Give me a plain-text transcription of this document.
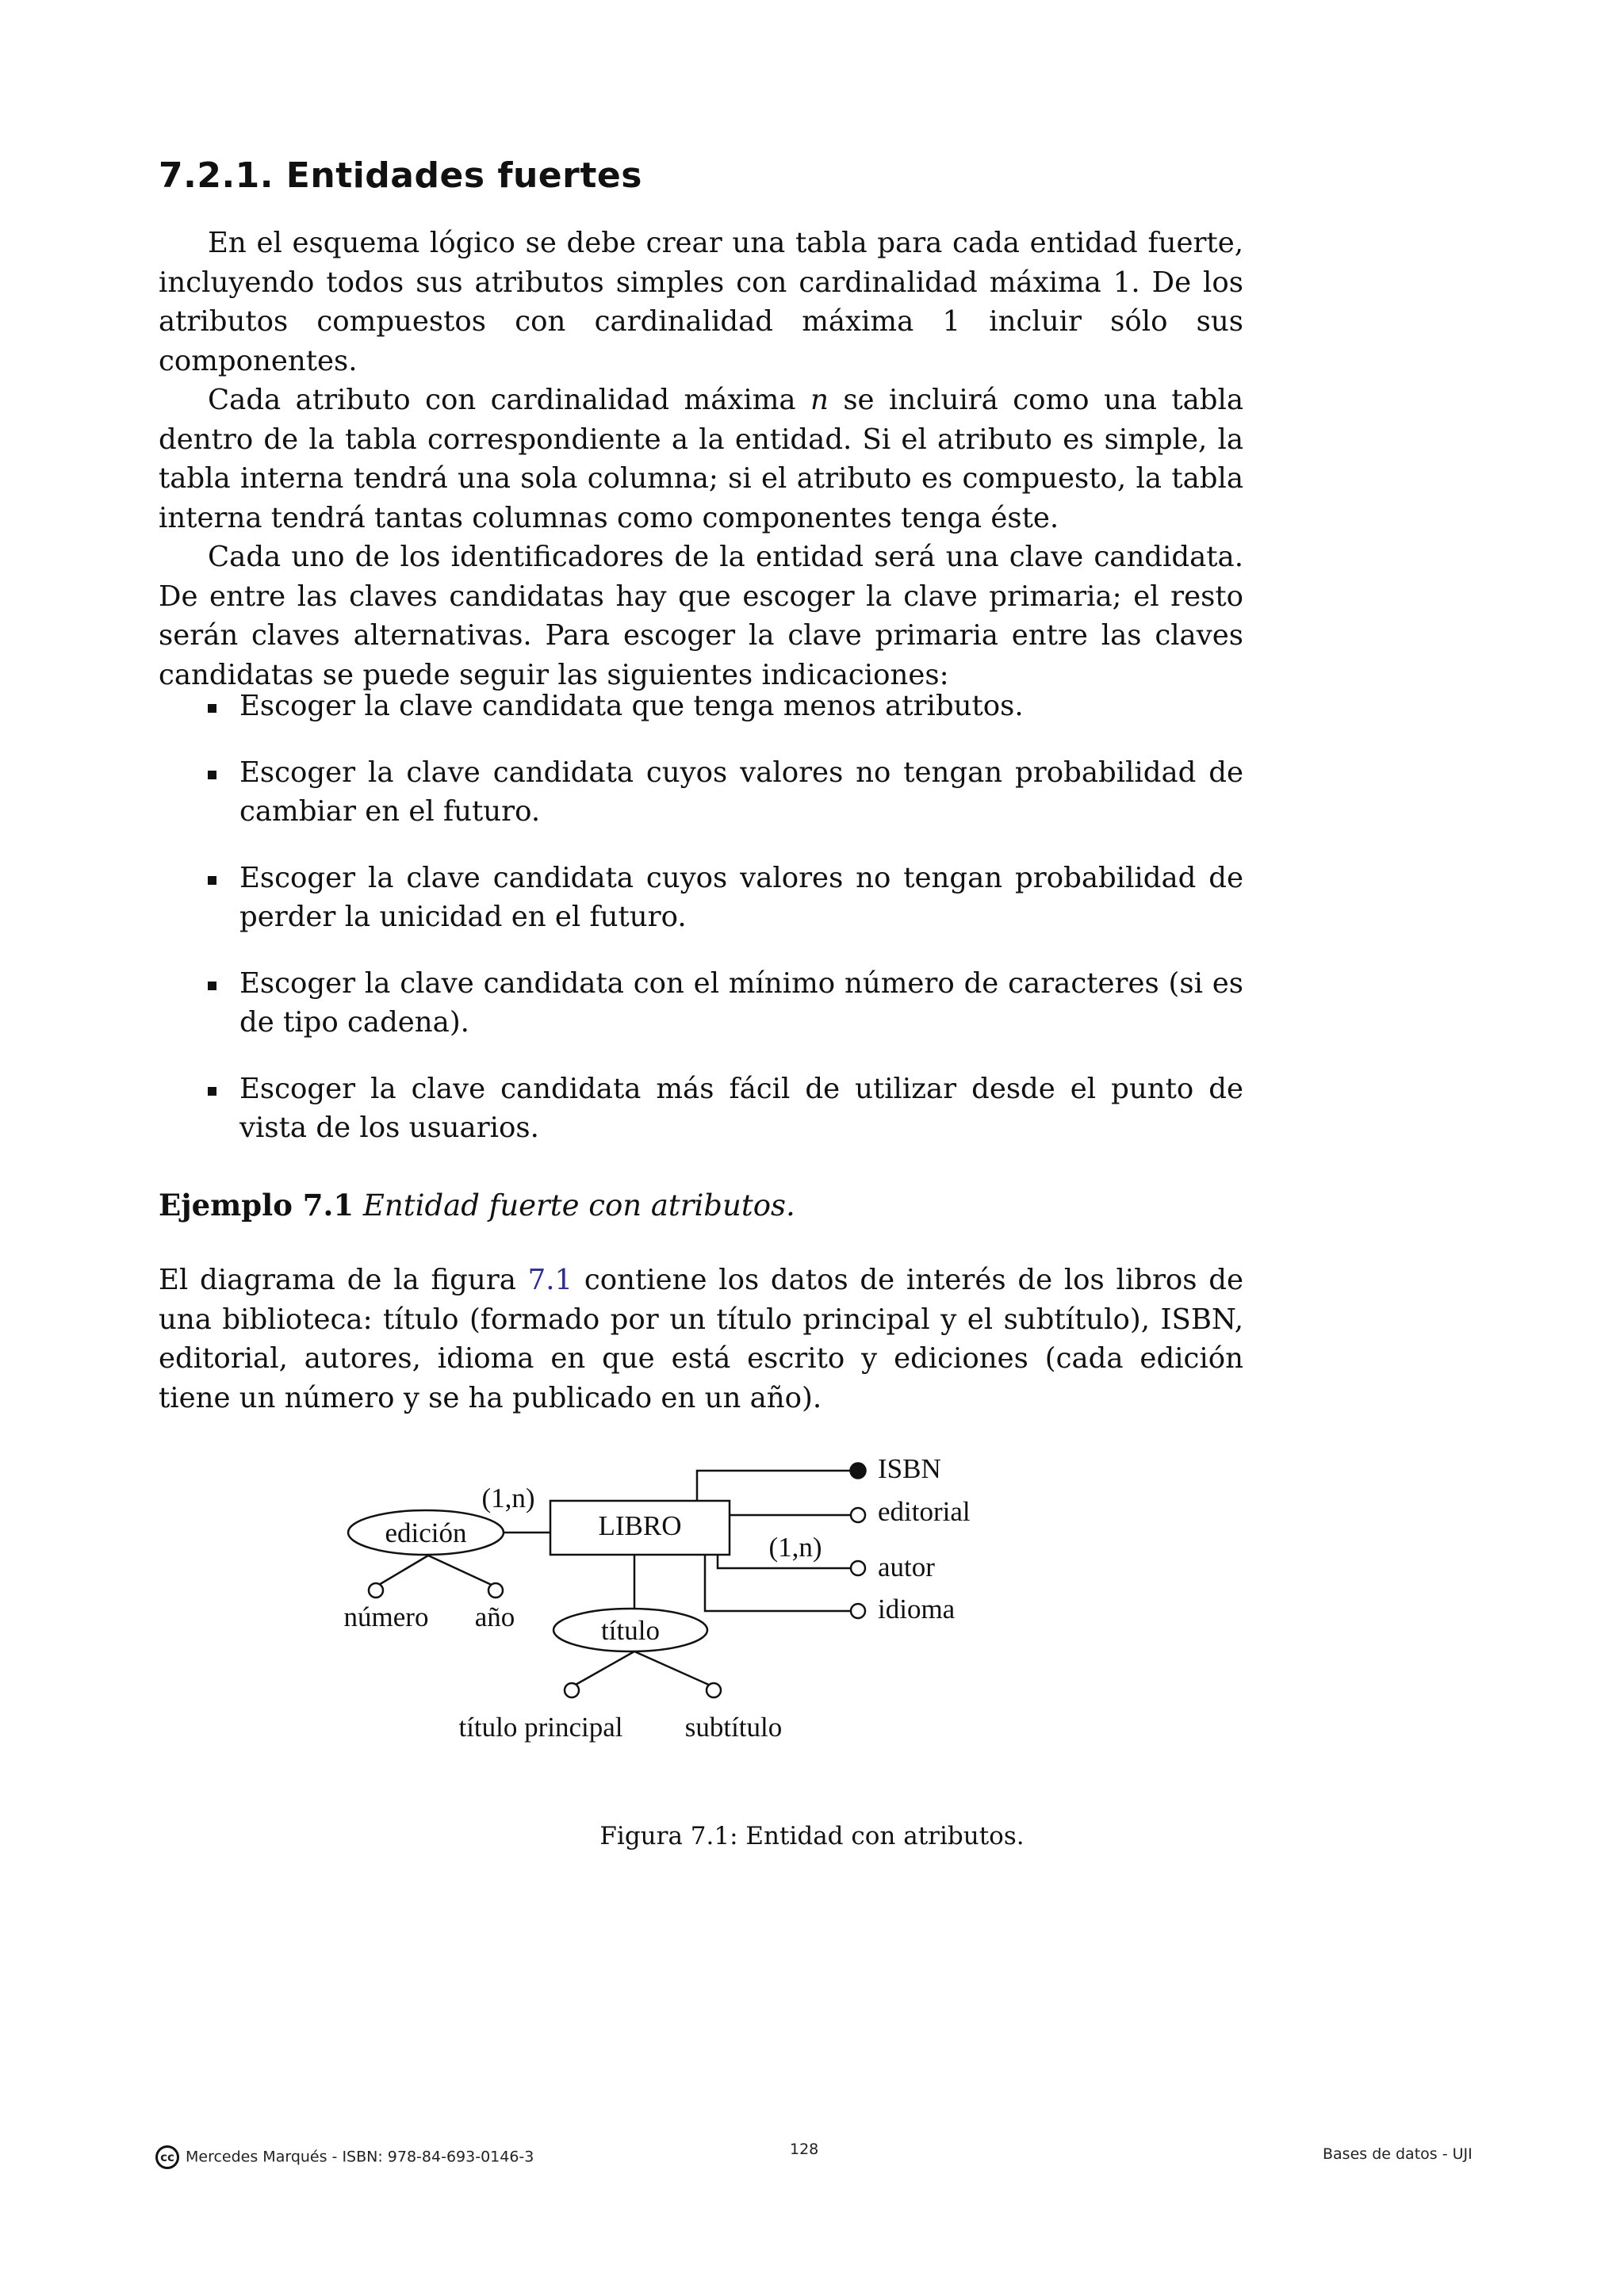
7.2.1. Entidades fuertes

En el esquema lógico se debe crear una tabla para cada entidad fuerte, incluyendo todos sus atributos simples con cardinalidad máxima 1. De los atributos compuestos con cardinalidad máxima 1 incluir sólo sus componentes.

Cada atributo con cardinalidad máxima n se incluirá como una tabla dentro de la tabla correspondiente a la entidad. Si el atributo es simple, la tabla interna tendrá una sola columna; si el atributo es compuesto, la tabla interna tendrá tantas columnas como componentes tenga éste.

Cada uno de los identificadores de la entidad será una clave candidata. De entre las claves candidatas hay que escoger la clave primaria; el resto serán claves alternativas. Para escoger la clave primaria entre las claves candidatas se puede seguir las siguientes indicaciones:

Escoger la clave candidata que tenga menos atributos.
Escoger la clave candidata cuyos valores no tengan probabilidad de cambiar en el futuro.
Escoger la clave candidata cuyos valores no tengan probabilidad de perder la unicidad en el futuro.
Escoger la clave candidata con el mínimo número de caracteres (si es de tipo cadena).
Escoger la clave candidata más fácil de utilizar desde el punto de vista de los usuarios.
Ejemplo 7.1 Entidad fuerte con atributos.

El diagrama de la figura 7.1 contiene los datos de interés de los libros de una biblioteca: título (formado por un título principal y el subtítulo), ISBN, editorial, autores, idioma en que está escrito y ediciones (cada edición tiene un número y se ha publicado en un año).

LIBRO
edición
(1,n)
número año	título
título principal subtítulo
ISBN
editorial
(1,n)
autor
idioma
Figura 7.1: Entidad con atributos.
cc Mercedes Marqués - ISBN: 978-84-693-0146-3	128	Bases de datos - UJI
